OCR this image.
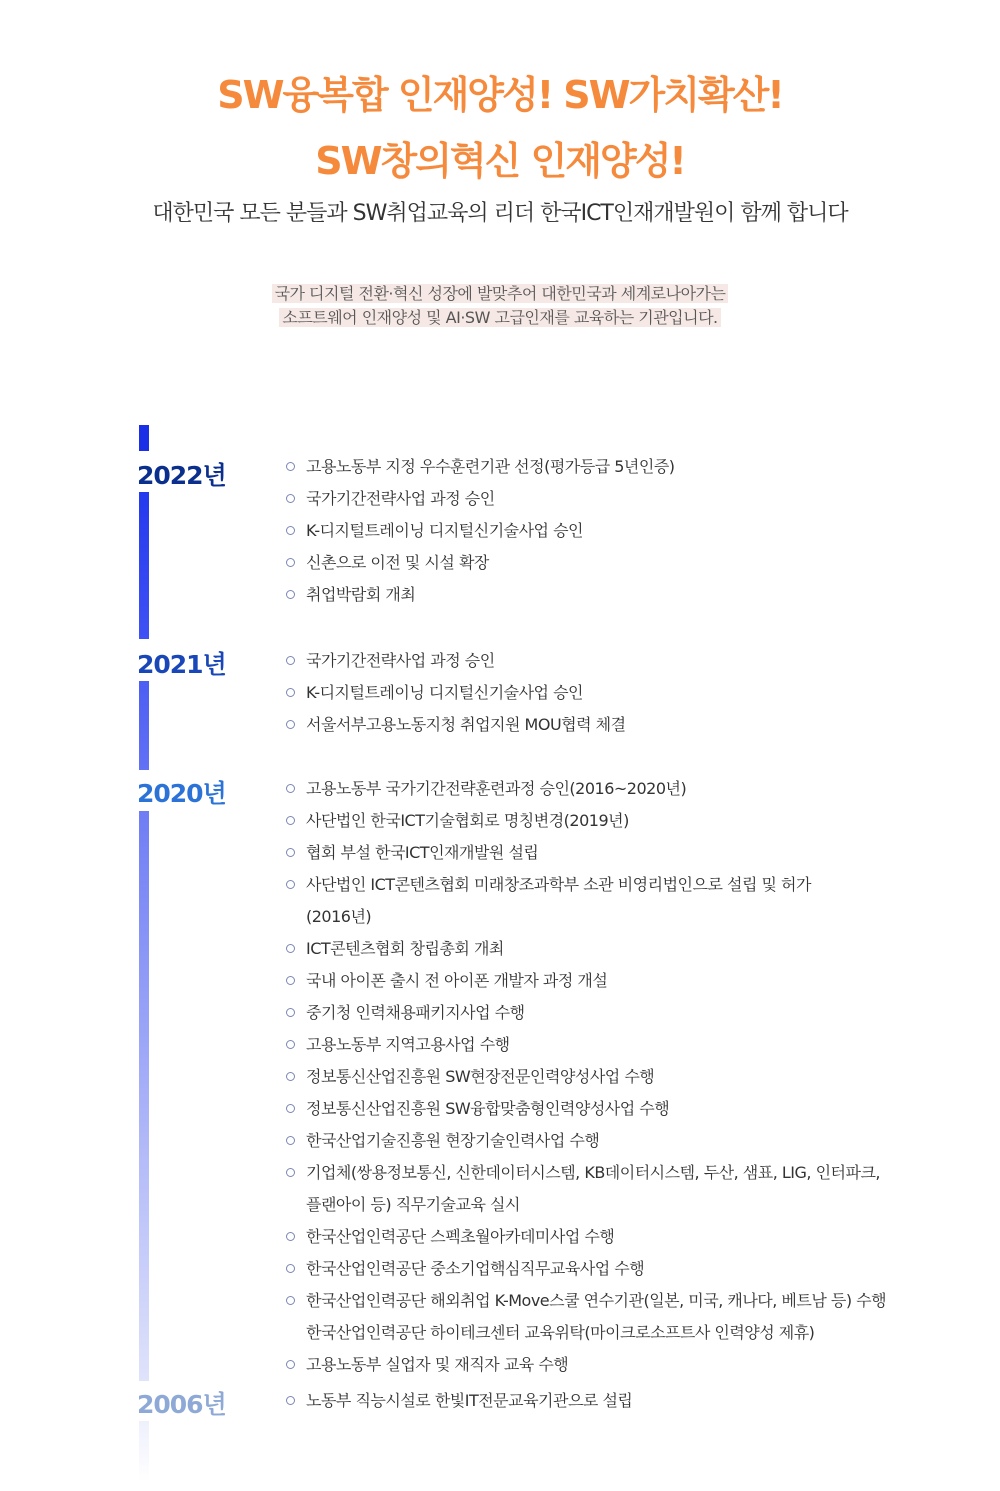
SW융복합 인재양성! SW가치확산!
SW창의혁신 인재양성!

대한민국 모든 분들과 SW취업교육의 리더 한국ICT인재개발원이 함께 합니다

국가 디지털 전환·혁신 성장에 발맞추어 대한민국과 세계로나아가는
소프트웨어 인재양성 및 AI·SW 고급인재를 교육하는 기관입니다.
2022년	고용노동부 지정 우수훈련기관 선정(평가등급 5년인증)
국가기간전략사업 과정 승인
K-디지털트레이닝 디지털신기술사업 승인
신촌으로 이전 및 시설 확장
취업박람회 개최
2021년	국가기간전략사업 과정 승인
K-디지털트레이닝 디지털신기술사업 승인
서울서부고용노동지청 취업지원 MOU협력 체결
2020년	고용노동부 국가기간전략훈련과정 승인(2016~2020년)
사단법인 한국ICT기술협회로 명칭변경(2019년)
협회 부설 한국ICT인재개발원 설립
사단법인 ICT콘텐츠협회 미래창조과학부 소관 비영리법인으로 설립 및 허가
(2016년)
ICT콘텐츠협회 창립총회 개최
국내 아이폰 출시 전 아이폰 개발자 과정 개설
중기청 인력채용패키지사업 수행
고용노동부 지역고용사업 수행
정보통신산업진흥원 SW현장전문인력양성사업 수행
정보통신산업진흥원 SW융합맞춤형인력양성사업 수행
한국산업기술진흥원 현장기술인력사업 수행
기업체(쌍용정보통신, 신한데이터시스템, KB데이터시스템, 두산, 샘표, LIG, 인터파크,
플랜아이 등) 직무기술교육 실시
한국산업인력공단 스펙초월아카데미사업 수행
한국산업인력공단 중소기업핵심직무교육사업 수행
한국산업인력공단 해외취업 K-Move스쿨 연수기관(일본, 미국, 캐나다, 베트남 등) 수행
한국산업인력공단 하이테크센터 교육위탁(마이크로소프트사 인력양성 제휴)
고용노동부 실업자 및 재직자 교육 수행
2006년	노동부 직능시설로 한빛IT전문교육기관으로 설립
